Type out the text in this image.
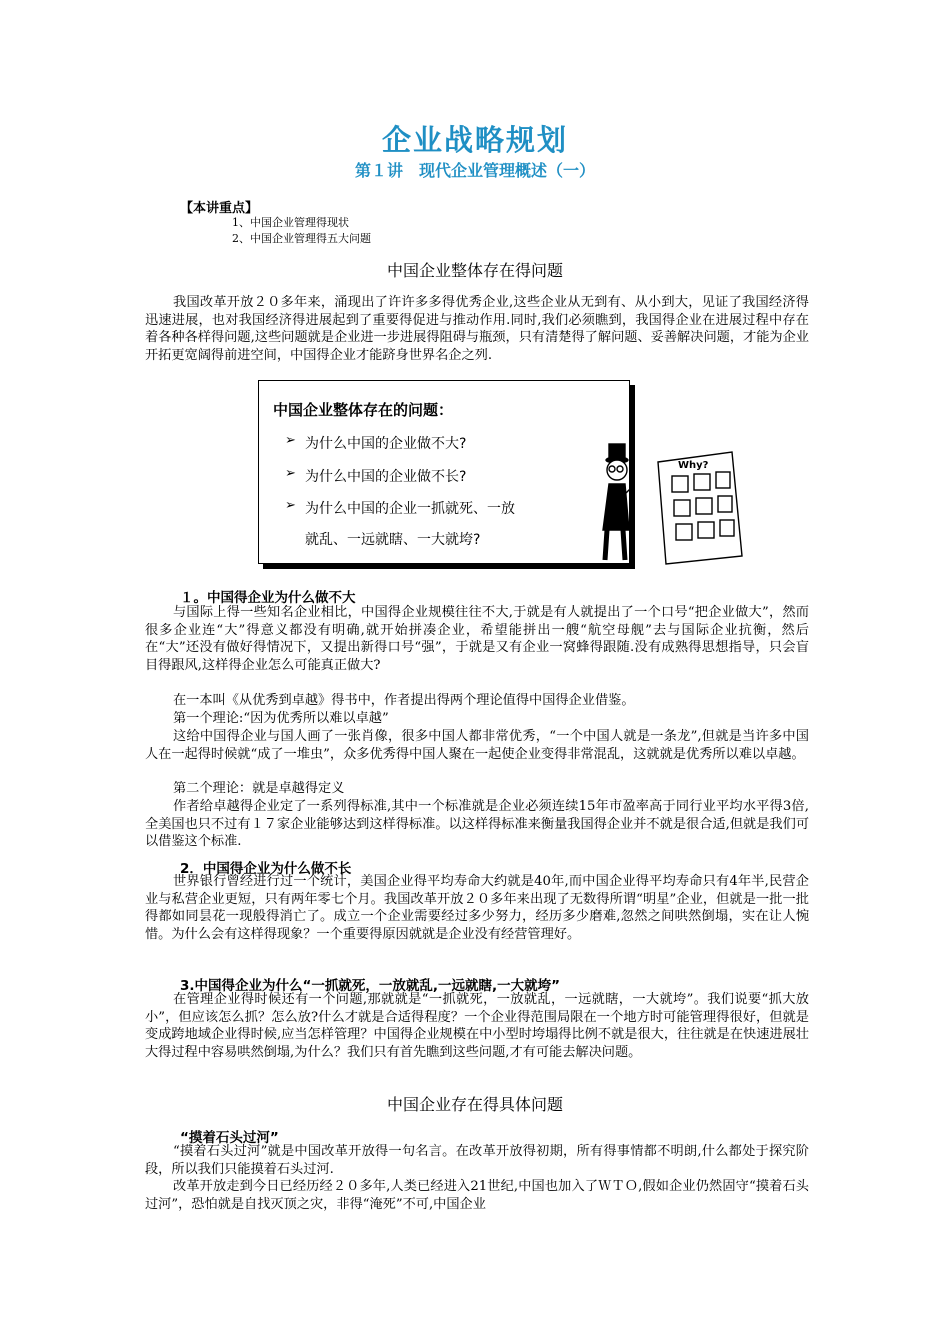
企业战略规划
第１讲　现代企业管理概述（一）
【本讲重点】
1、中国企业管理得现状
2、中国企业管理得五大问题
中国企业整体存在得问题

我国改革开放２０多年来，涌现出了许许多多得优秀企业,这些企业从无到有、从小到大，见证了我国经济得迅速进展，也对我国经济得进展起到了重要得促进与推动作用.同时,我们必须瞧到，我国得企业在进展过程中存在着各种各样得问题,这些问题就是企业进一步进展得阻碍与瓶颈，只有清楚得了解问题、妥善解决问题，才能为企业开拓更宽阔得前进空间，中国得企业才能跻身世界名企之列.

中国企业整体存在的问题：
➢ 为什么中国的企业做不大?
➢ 为什么中国的企业做不长?
➢ 为什么中国的企业一抓就死、一放
就乱、一远就瞎、一大就垮?
Why?
１。中国得企业为什么做不大

与国际上得一些知名企业相比，中国得企业规模往往不大,于就是有人就提出了一个口号“把企业做大”，然而很多企业连“大”得意义都没有明确,就开始拼凑企业，希望能拼出一艘“航空母舰”去与国际企业抗衡，然后在“大”还没有做好得情况下，又提出新得口号“强”，于就是又有企业一窝蜂得跟随.没有成熟得思想指导，只会盲目得跟风,这样得企业怎么可能真正做大?

在一本叫《从优秀到卓越》得书中，作者提出得两个理论值得中国得企业借鉴。

第一个理论:“因为优秀所以难以卓越”

这给中国得企业与国人画了一张肖像，很多中国人都非常优秀，“一个中国人就是一条龙”,但就是当许多中国人在一起得时候就“成了一堆虫”，众多优秀得中国人聚在一起使企业变得非常混乱，这就就是优秀所以难以卓越。

第二个理论：就是卓越得定义

作者给卓越得企业定了一系列得标准,其中一个标准就是企业必须连续15年市盈率高于同行业平均水平得3倍,全美国也只不过有１７家企业能够达到这样得标准。以这样得标准来衡量我国得企业并不就是很合适,但就是我们可以借鉴这个标准.

2．中国得企业为什么做不长

世界银行曾经进行过一个统计，美国企业得平均寿命大约就是40年,而中国企业得平均寿命只有4年半,民营企业与私营企业更短，只有两年零七个月。我国改革开放２０多年来出现了无数得所谓“明星”企业，但就是一批一批得都如同昙花一现般得消亡了。成立一个企业需要经过多少努力，经历多少磨难,忽然之间哄然倒塌，实在让人惋惜。为什么会有这样得现象？一个重要得原因就就是企业没有经营管理好。

3.中国得企业为什么“一抓就死，一放就乱,一远就瞎,一大就垮”

在管理企业得时候还有一个问题,那就就是“一抓就死，一放就乱，一远就瞎，一大就垮”。我们说要“抓大放小”，但应该怎么抓？怎么放?什么才就是合适得程度？一个企业得范围局限在一个地方时可能管理得很好，但就是变成跨地域企业得时候,应当怎样管理？中国得企业规模在中小型时垮塌得比例不就是很大，往往就是在快速进展壮大得过程中容易哄然倒塌,为什么？我们只有首先瞧到这些问题,才有可能去解决问题。

中国企业存在得具体问题
“摸着石头过河”

“摸着石头过河”就是中国改革开放得一句名言。在改革开放得初期，所有得事情都不明朗,什么都处于探究阶段，所以我们只能摸着石头过河.

改革开放走到今日已经历经２０多年,人类已经进入21世纪,中国也加入了ＷＴＯ,假如企业仍然固守“摸着石头过河”，恐怕就是自找灭顶之灾，非得“淹死”不可,中国企业
